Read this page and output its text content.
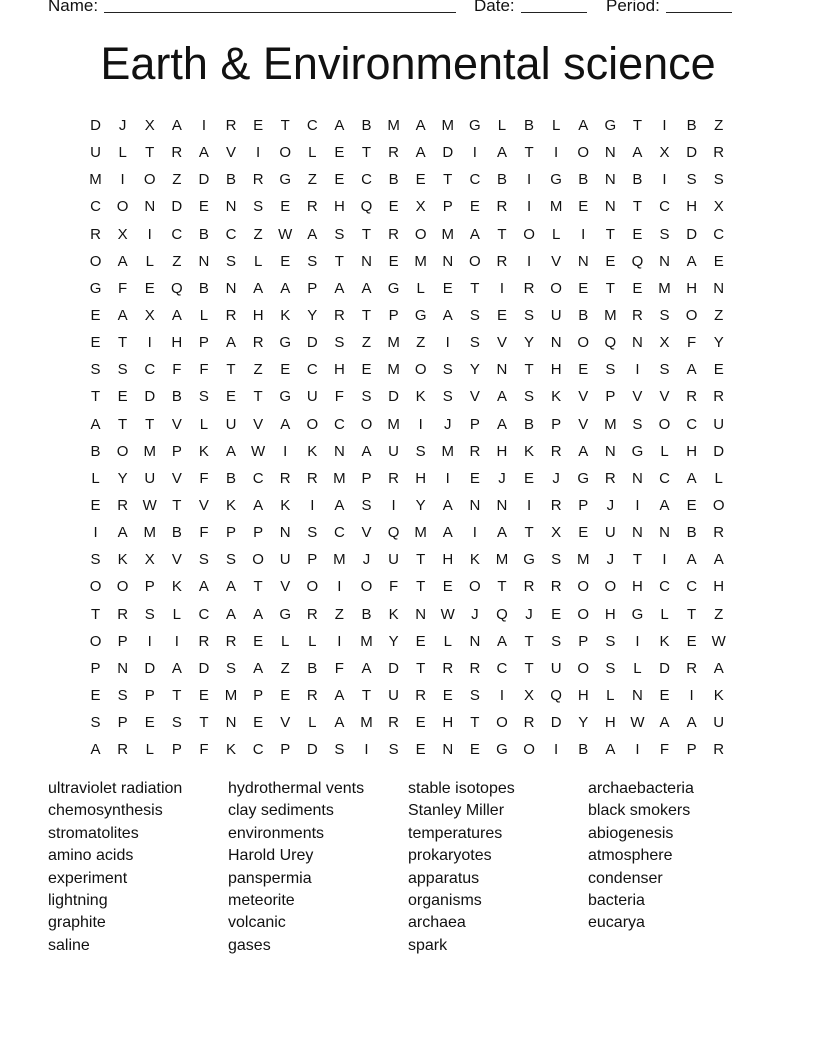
Name:	Date:	Period:
Earth & Environmental science
D	J	X	A	I	R	E	T	C	A	B	M	A	M	G	L	B	L	A	G	T	I	B	Z
U	L	T	R	A	V	I	O	L	E	T	R	A	D	I	A	T	I	O	N	A	X	D	R
M	I	O	Z	D	B	R	G	Z	E	C	B	E	T	C	B	I	G	B	N	B	I	S	S
C	O	N	D	E	N	S	E	R	H	Q	E	X	P	E	R	I	M	E	N	T	C	H	X
R	X	I	C	B	C	Z	W	A	S	T	R	O	M	A	T	O	L	I	T	E	S	D	C
O	A	L	Z	N	S	L	E	S	T	N	E	M	N	O	R	I	V	N	E	Q	N	A	E
G	F	E	Q	B	N	A	A	P	A	A	G	L	E	T	I	R	O	E	T	E	M	H	N
E	A	X	A	L	R	H	K	Y	R	T	P	G	A	S	E	S	U	B	M	R	S	O	Z
E	T	I	H	P	A	R	G	D	S	Z	M	Z	I	S	V	Y	N	O	Q	N	X	F	Y
S	S	C	F	F	T	Z	E	C	H	E	M	O	S	Y	N	T	H	E	S	I	S	A	E
T	E	D	B	S	E	T	G	U	F	S	D	K	S	V	A	S	K	V	P	V	V	R	R
A	T	T	V	L	U	V	A	O	C	O	M	I	J	P	A	B	P	V	M	S	O	C	U
B	O	M	P	K	A	W	I	K	N	A	U	S	M	R	H	K	R	A	N	G	L	H	D
L	Y	U	V	F	B	C	R	R	M	P	R	H	I	E	J	E	J	G	R	N	C	A	L
E	R	W	T	V	K	A	K	I	A	S	I	Y	A	N	N	I	R	P	J	I	A	E	O
I	A	M	B	F	P	P	N	S	C	V	Q	M	A	I	A	T	X	E	U	N	N	B	R
S	K	X	V	S	S	O	U	P	M	J	U	T	H	K	M	G	S	M	J	T	I	A	A
O	O	P	K	A	A	T	V	O	I	O	F	T	E	O	T	R	R	O	O	H	C	C	H
T	R	S	L	C	A	A	G	R	Z	B	K	N	W	J	Q	J	E	O	H	G	L	T	Z
O	P	I	I	R	R	E	L	L	I	M	Y	E	L	N	A	T	S	P	S	I	K	E	W
P	N	D	A	D	S	A	Z	B	F	A	D	T	R	R	C	T	U	O	S	L	D	R	A
E	S	P	T	E	M	P	E	R	A	T	U	R	E	S	I	X	Q	H	L	N	E	I	K
S	P	E	S	T	N	E	V	L	A	M	R	E	H	T	O	R	D	Y	H	W	A	A	U
A	R	L	P	F	K	C	P	D	S	I	S	E	N	E	G	O	I	B	A	I	F	P	R
ultraviolet radiation
chemosynthesis
stromatolites
amino acids
experiment
lightning
graphite
saline
hydrothermal vents
clay sediments
environments
Harold Urey
panspermia
meteorite
volcanic
gases
stable isotopes
Stanley Miller
temperatures
prokaryotes
apparatus
organisms
archaea
spark
archaebacteria
black smokers
abiogenesis
atmosphere
condenser
bacteria
eucarya
